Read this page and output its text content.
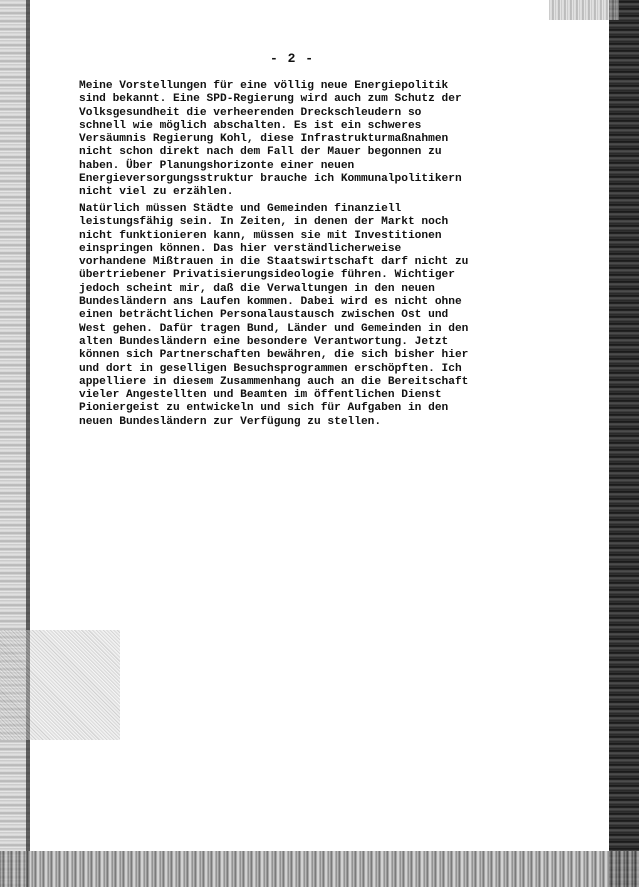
- 2 -

Meine Vorstellungen für eine völlig neue Energiepolitik
sind bekannt. Eine SPD-Regierung wird auch zum Schutz der
Volksgesundheit die verheerenden Dreckschleudern so
schnell wie möglich abschalten. Es ist ein schweres
Versäumnis Regierung Kohl, diese Infrastrukturmaßnahmen
nicht schon direkt nach dem Fall der Mauer begonnen zu
haben. Über Planungshorizonte einer neuen
Energieversorgungsstruktur brauche ich Kommunalpolitikern
nicht viel zu erzählen.

Natürlich müssen Städte und Gemeinden finanziell
leistungsfähig sein. In Zeiten, in denen der Markt noch
nicht funktionieren kann, müssen sie mit Investitionen
einspringen können. Das hier verständlicherweise
vorhandene Mißtrauen in die Staatswirtschaft darf nicht zu
übertriebener Privatisierungsideologie führen. Wichtiger
jedoch scheint mir, daß die Verwaltungen in den neuen
Bundesländern ans Laufen kommen. Dabei wird es nicht ohne
einen beträchtlichen Personalaustausch zwischen Ost und
West gehen. Dafür tragen Bund, Länder und Gemeinden in den
alten Bundesländern eine besondere Verantwortung. Jetzt
können sich Partnerschaften bewähren, die sich bisher hier
und dort in geselligen Besuchsprogrammen erschöpften. Ich
appelliere in diesem Zusammenhang auch an die Bereitschaft
vieler Angestellten und Beamten im öffentlichen Dienst
Pioniergeist zu entwickeln und sich für Aufgaben in den
neuen Bundesländern zur Verfügung zu stellen.
